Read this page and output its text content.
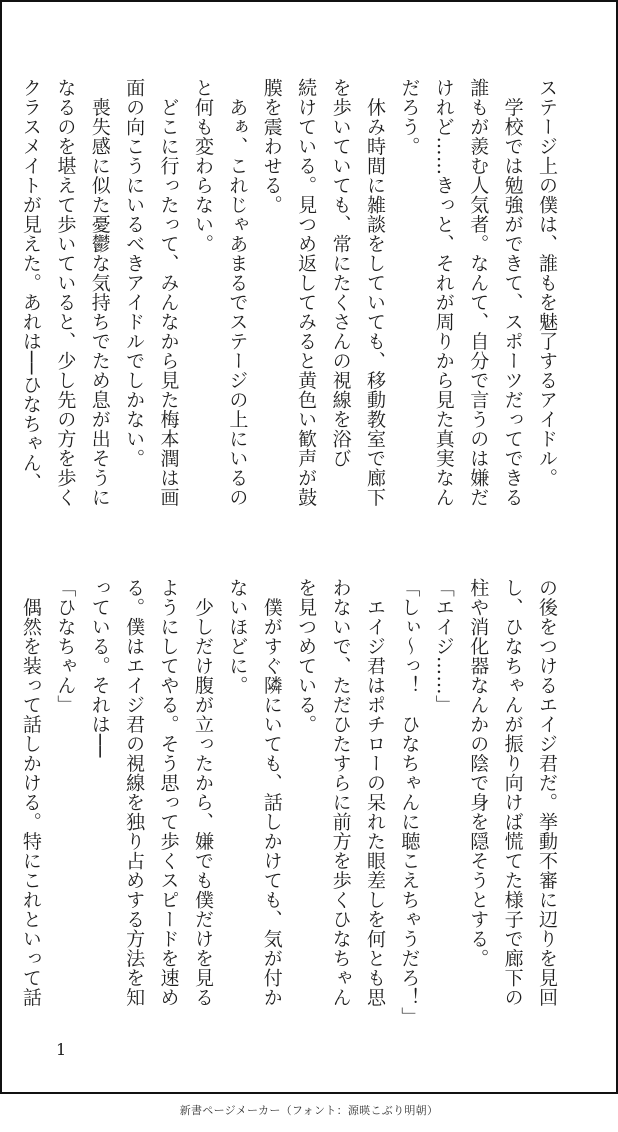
ステージ上の僕は、誰もを魅了するアイドル。
　学校では勉強ができて、スポーツだってできる
誰もが羨む人気者。なんて、自分で言うのは嫌だ
けれど……きっと、それが周りから見た真実なん
だろう。
　休み時間に雑談をしていても、移動教室で廊下
を歩いていても、常にたくさんの視線を浴び
続けている。見つめ返してみると黄色い歓声が鼓
膜を震わせる。
　あぁ、これじゃあまるでステージの上にいるの
と何も変わらない。
　どこに行ったって、みんなから見た梅本潤は画
面の向こうにいるべきアイドルでしかない。
　喪失感に似た憂鬱な気持ちでため息が出そうに
なるのを堪えて歩いていると、少し先の方を歩く
クラスメイトが見えた。あれは──ひなちゃん、
の後をつけるエイジ君だ。挙動不審に辺りを見回
し、ひなちゃんが振り向けば慌てた様子で廊下の
柱や消化器なんかの陰で身を隠そうとする。
「エイジ……」
「しぃ～っ！　ひなちゃんに聴こえちゃうだろ！」
　エイジ君はポチローの呆れた眼差しを何とも思
わないで、ただひたすらに前方を歩くひなちゃん
を見つめている。
　僕がすぐ隣にいても、話しかけても、気が付か
ないほどに。
　少しだけ腹が立ったから、嫌でも僕だけを見る
ようにしてやる。そう思って歩くスピードを速め
る。僕はエイジ君の視線を独り占めする方法を知
っている。それは──
「ひなちゃん」
　偶然を装って話しかける。特にこれといって話
1
新書ページメーカー（フォント：源暎こぶり明朝）
